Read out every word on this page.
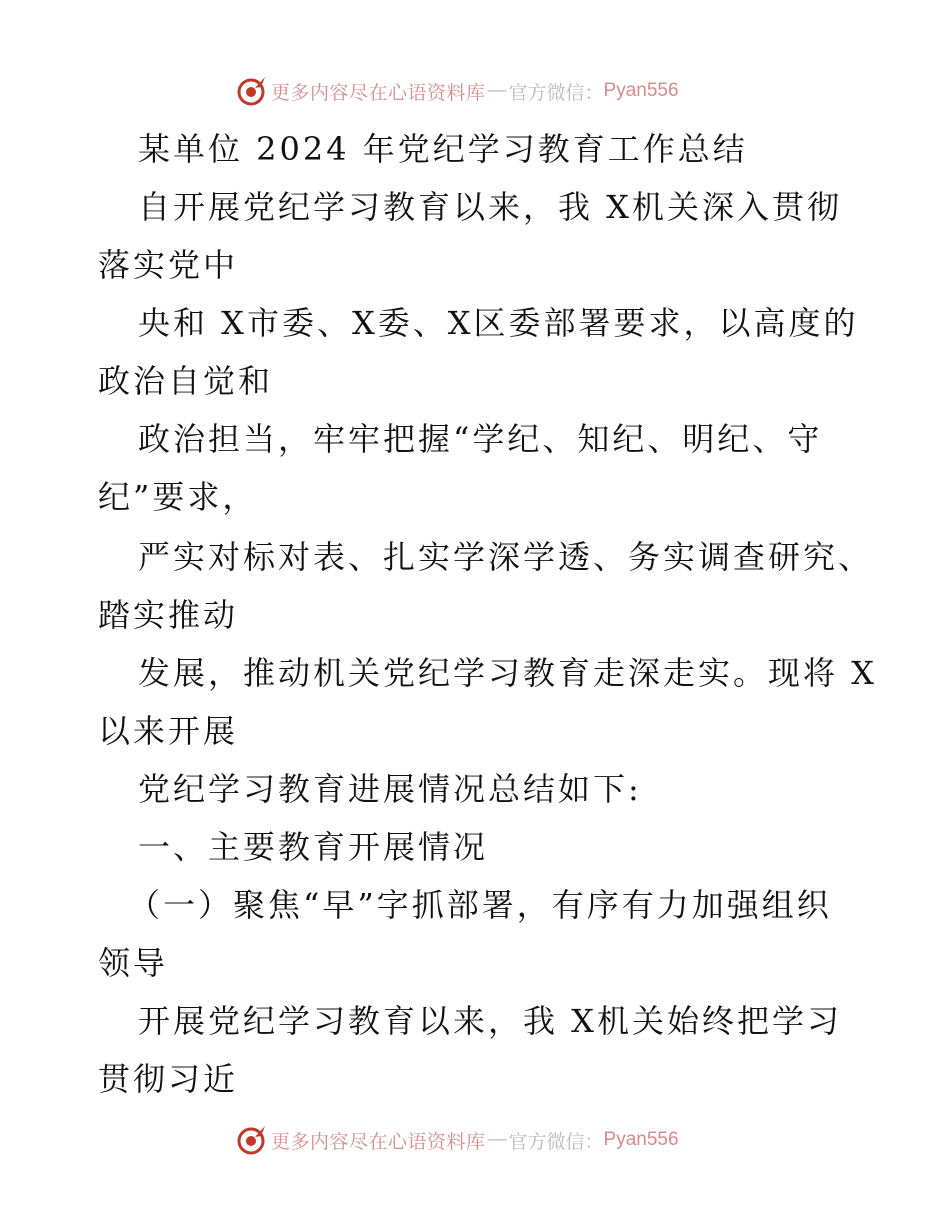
更多内容尽在心语资料库 — 官方微信： Pyan556
某单位 2024 年党纪学习教育工作总结
自开展党纪学习教育以来，我 X机关深入贯彻
落实党中
央和 X市委、X委、X区委部署要求，以高度的
政治自觉和
政治担当，牢牢把握“学纪、知纪、明纪、守
纪”要求，
严实对标对表、扎实学深学透、务实调查研究、
踏实推动
发展，推动机关党纪学习教育走深走实。现将 X
以来开展
党纪学习教育进展情况总结如下:
一、主要教育开展情况
（一）聚焦“早”字抓部署，有序有力加强组织
领导
开展党纪学习教育以来，我 X机关始终把学习
贯彻习近
更多内容尽在心语资料库 — 官方微信： Pyan556
